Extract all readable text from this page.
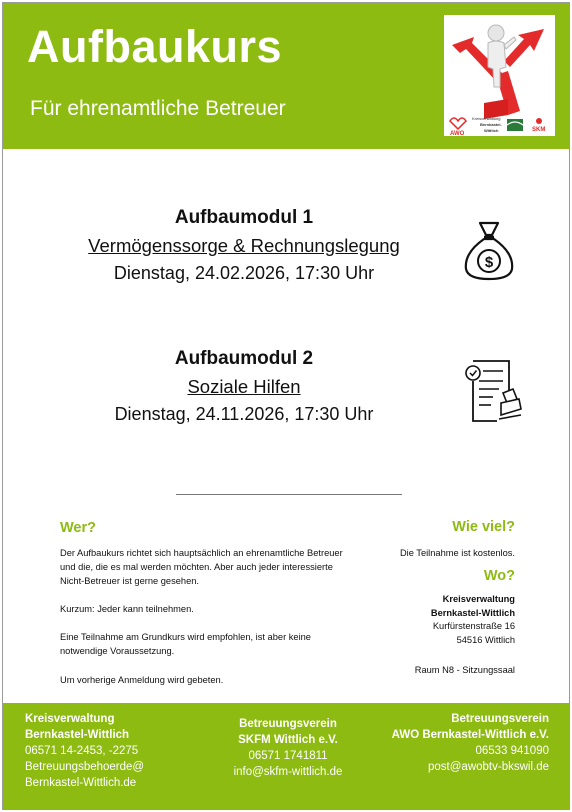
Aufbaukurs
Für ehrenamtliche Betreuer
AWO
Kreisverwaltung
Bernkastel-
Wittlich	SKM
Aufbaumodul 1
Vermögenssorge & Rechnungslegung
Dienstag, 24.02.2026, 17:30 Uhr
$
Aufbaumodul 2
Soziale Hilfen
Dienstag, 24.11.2026, 17:30 Uhr
Wer?
Der Aufbaukurs richtet sich hauptsächlich an ehrenamtliche Betreuer und die, die es mal werden möchten. Aber auch jeder interessierte Nicht-Betreuer ist gerne gesehen.
Kurzum: Jeder kann teilnehmen.
Eine Teilnahme am Grundkurs wird empfohlen, ist aber keine notwendige Voraussetzung.
Um vorherige Anmeldung wird gebeten.
Wie viel?
Die Teilnahme ist kostenlos.
Wo?
Kreisverwaltung
Bernkastel-Wittlich
Kurfürstenstraße 16
54516 Wittlich
Raum N8 - Sitzungssaal
Kreisverwaltung
Bernkastel-Wittlich
06571 14-2453, -2275
Betreuungsbehoerde@
Bernkastel-Wittlich.de
Betreuungsverein
SKFM Wittlich e.V.
06571 1741811
info@skfm-wittlich.de
Betreuungsverein
AWO Bernkastel-Wittlich e.V.
06533 941090
post@awobtv-bkswil.de
